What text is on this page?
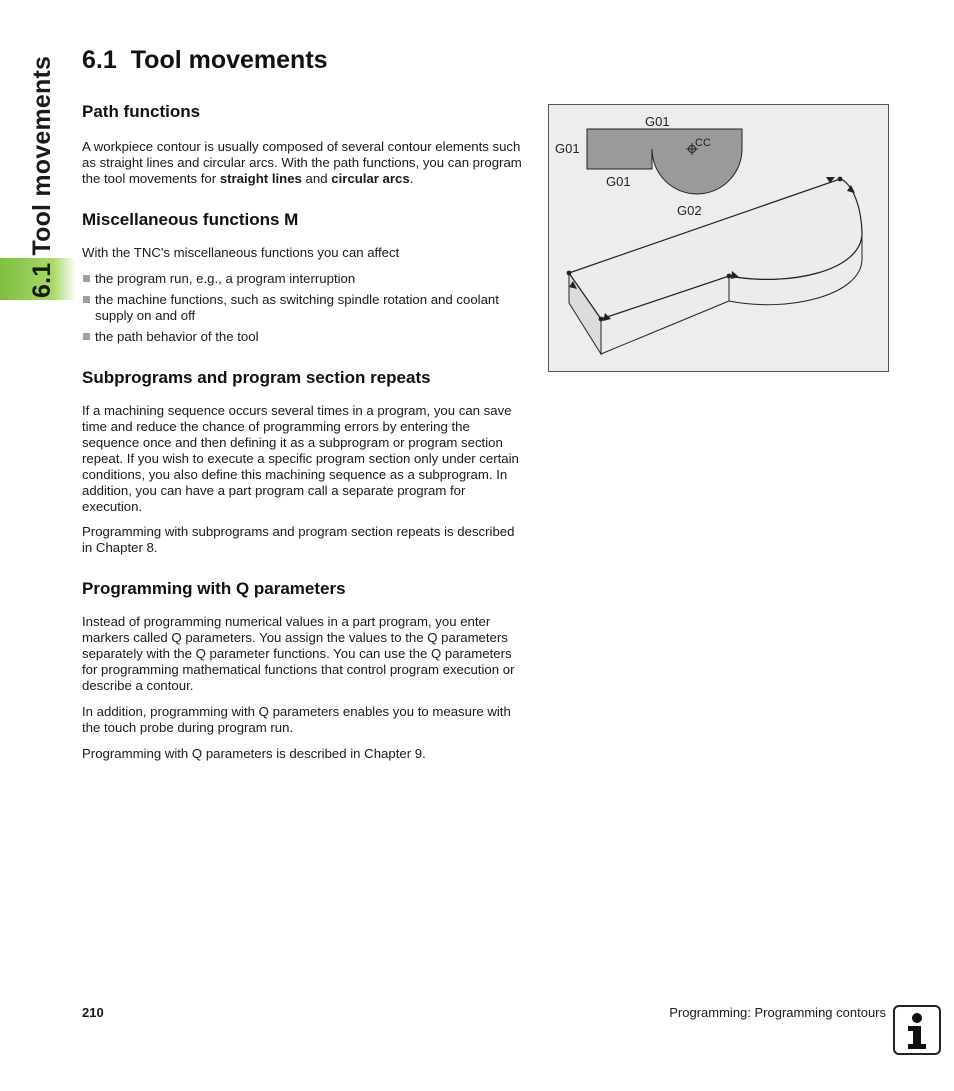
6.1 Tool movements 6.1 Tool movements
Path functions

A workpiece contour is usually composed of several contour elements such as straight lines and circular arcs. With the path functions, you can program the tool movements for straight lines and circular arcs.

Miscellaneous functions M

With the TNC's miscellaneous functions you can affect

the program run, e.g., a program interruption
the machine functions, such as switching spindle rotation and coolant supply on and off
the path behavior of the tool
Subprograms and program section repeats

If a machining sequence occurs several times in a program, you can save time and reduce the chance of programming errors by entering the sequence once and then defining it as a subprogram or program section repeat. If you wish to execute a specific program section only under certain conditions, you also define this machining sequence as a subprogram. In addition, you can have a part program call a separate program for execution.

Programming with subprograms and program section repeats is described in Chapter 8.

Programming with Q parameters

Instead of programming numerical values in a part program, you enter markers called Q parameters. You assign the values to the Q parameters separately with the Q parameter functions. You can use the Q parameters for programming mathematical functions that control program execution or describe a contour.

In addition, programming with Q parameters enables you to measure with the touch probe during program run.

Programming with Q parameters is described in Chapter 9.

G01
G01
G01
G02
CC
210	Programming: Programming contours
